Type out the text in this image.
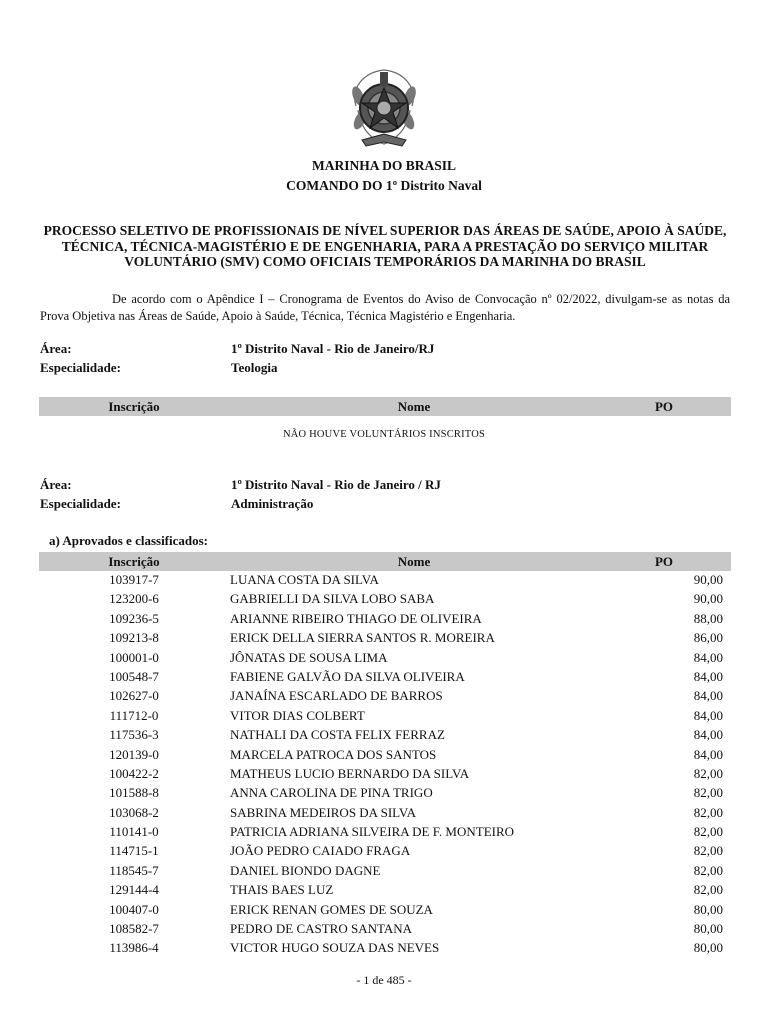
MARINHA DO BRASIL
COMANDO DO 1º Distrito Naval
PROCESSO SELETIVO DE PROFISSIONAIS DE NÍVEL SUPERIOR DAS ÁREAS DE SAÚDE, APOIO À SAÚDE, TÉCNICA, TÉCNICA-MAGISTÉRIO E DE ENGENHARIA, PARA A PRESTAÇÃO DO SERVIÇO MILITAR VOLUNTÁRIO (SMV) COMO OFICIAIS TEMPORÁRIOS DA MARINHA DO BRASIL
De acordo com o Apêndice I – Cronograma de Eventos do Aviso de Convocação nº 02/2022, divulgam-se as notas da Prova Objetiva nas Áreas de Saúde, Apoio à Saúde, Técnica, Técnica Magistério e Engenharia.
Área:	1º Distrito Naval - Rio de Janeiro/RJ
Especialidade:	Teologia
Inscrição	Nome	PO
NÃO HOUVE VOLUNTÁRIOS INSCRITOS
Área:	1º Distrito Naval - Rio de Janeiro / RJ
Especialidade:	Administração
a) Aprovados e classificados:
Inscrição	Nome	PO
103917-7	LUANA COSTA DA SILVA	90,00
123200-6	GABRIELLI DA SILVA LOBO SABA	90,00
109236-5	ARIANNE RIBEIRO THIAGO DE OLIVEIRA	88,00
109213-8	ERICK DELLA SIERRA SANTOS R. MOREIRA	86,00
100001-0	JÔNATAS DE SOUSA LIMA	84,00
100548-7	FABIENE GALVÃO DA SILVA OLIVEIRA	84,00
102627-0	JANAÍNA ESCARLADO DE BARROS	84,00
111712-0	VITOR DIAS COLBERT	84,00
117536-3	NATHALI DA COSTA FELIX FERRAZ	84,00
120139-0	MARCELA PATROCA DOS SANTOS	84,00
100422-2	MATHEUS LUCIO BERNARDO DA SILVA	82,00
101588-8	ANNA CAROLINA DE PINA TRIGO	82,00
103068-2	SABRINA MEDEIROS DA SILVA	82,00
110141-0	PATRICIA ADRIANA SILVEIRA DE F. MONTEIRO	82,00
114715-1	JOÃO PEDRO CAIADO FRAGA	82,00
118545-7	DANIEL BIONDO DAGNE	82,00
129144-4	THAIS BAES LUZ	82,00
100407-0	ERICK RENAN GOMES DE SOUZA	80,00
108582-7	PEDRO DE CASTRO SANTANA	80,00
113986-4	VICTOR HUGO SOUZA DAS NEVES	80,00
- 1 de 485 -
